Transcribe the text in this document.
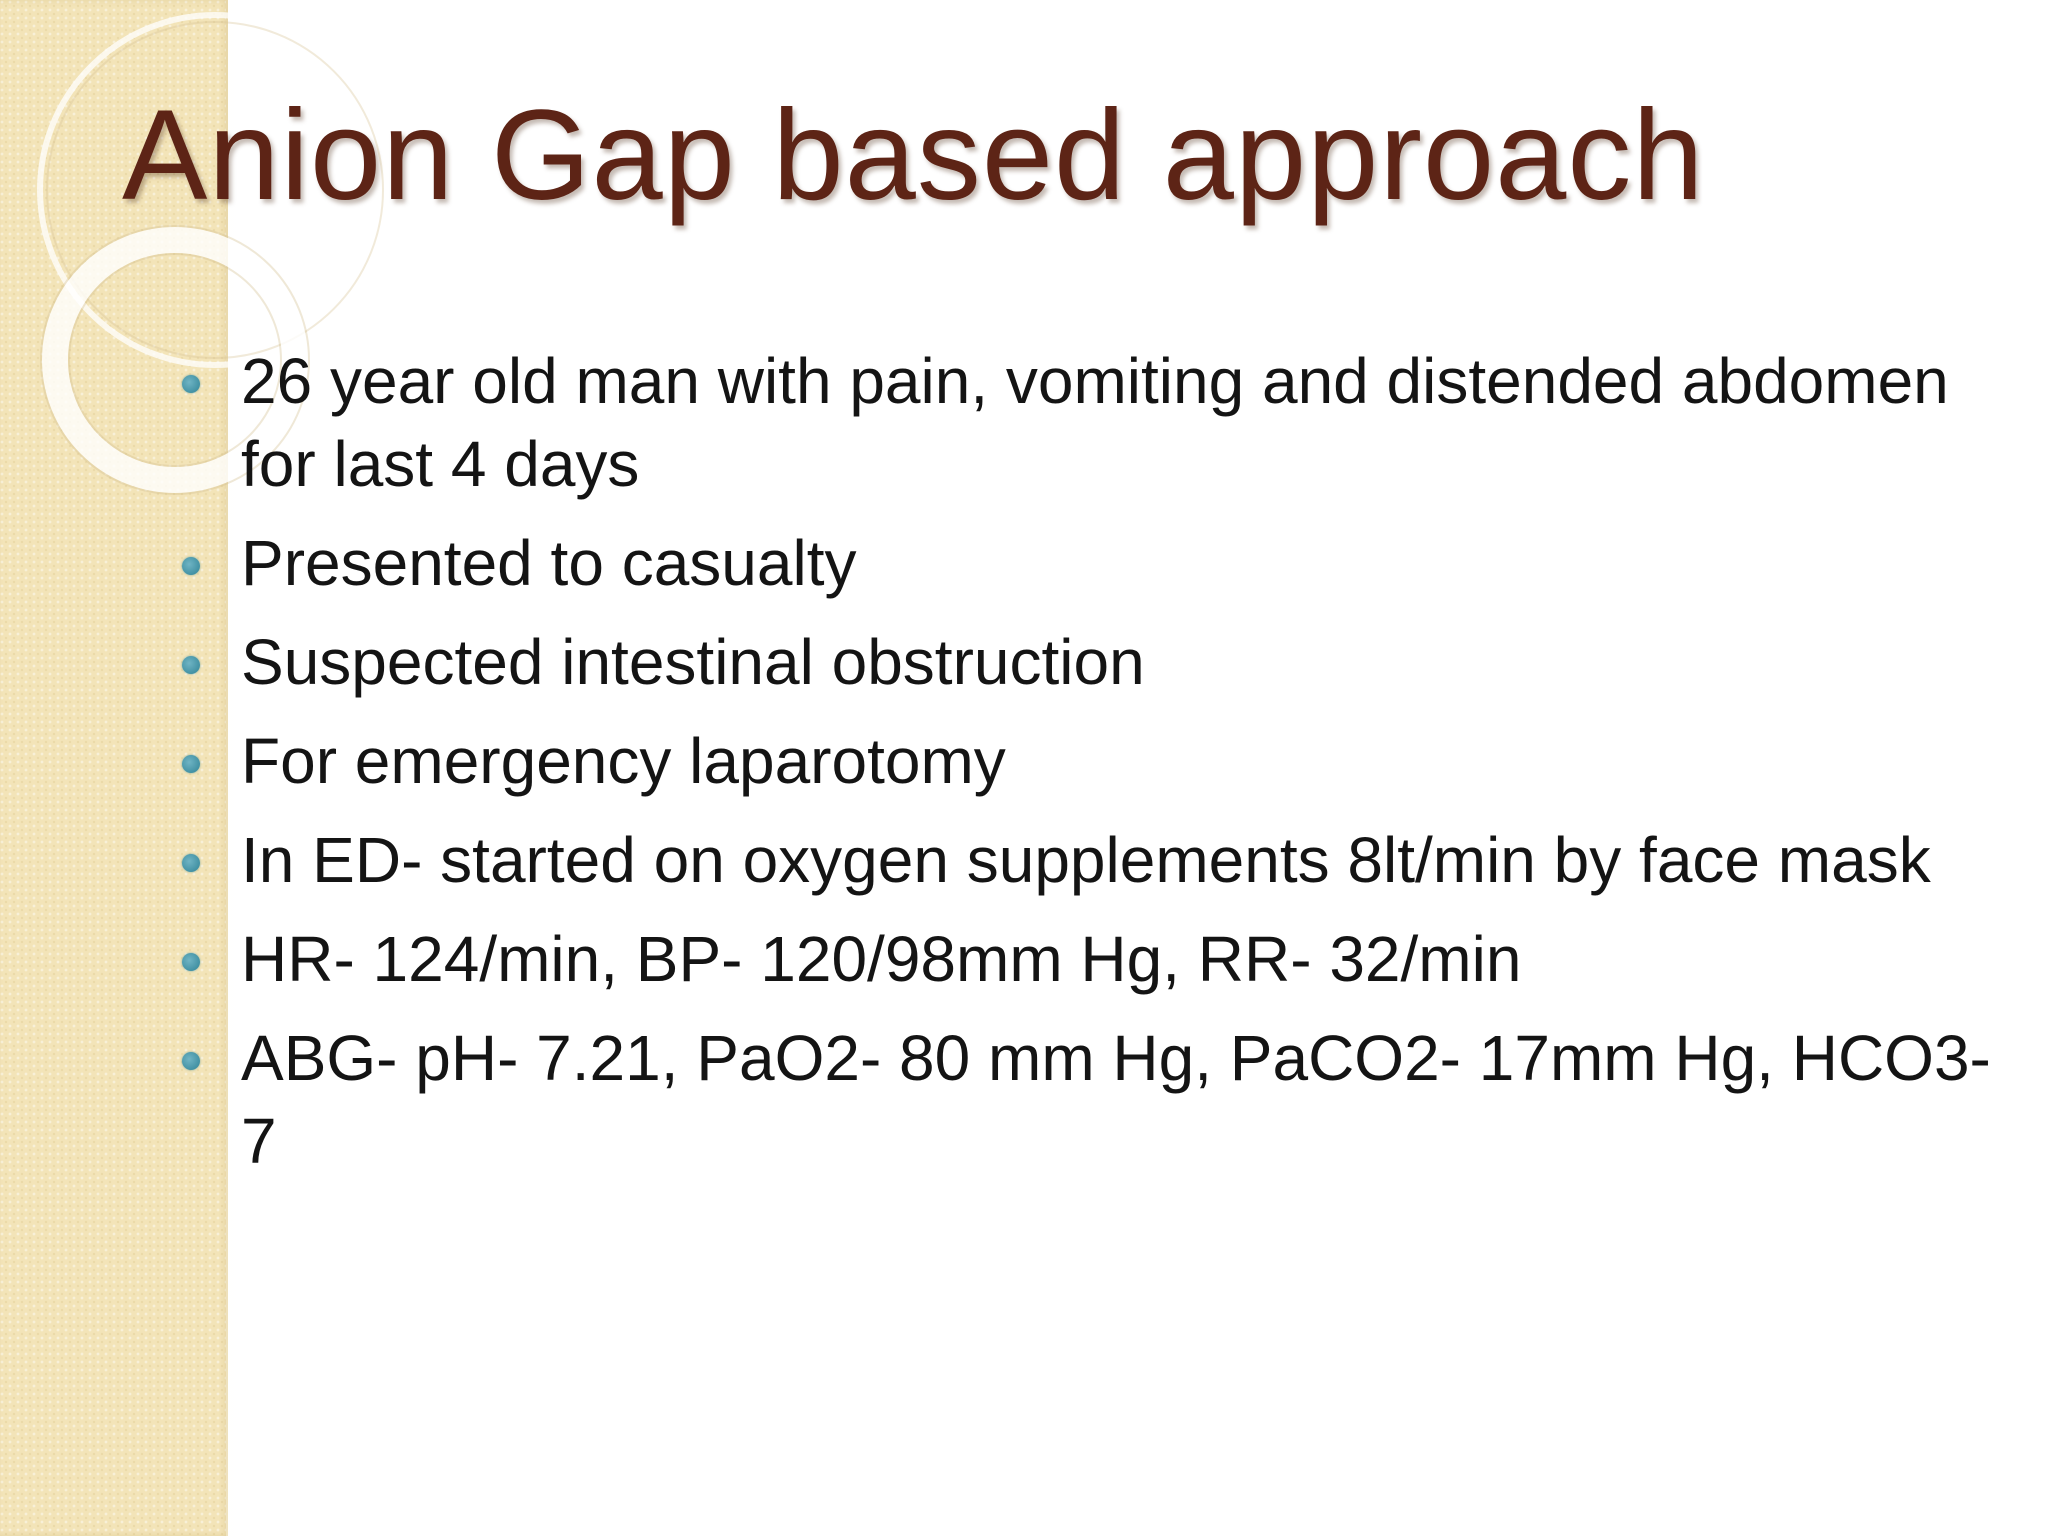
Anion Gap based approach
26 year old man with pain, vomiting and distended abdomen for last 4 days
Presented to casualty
Suspected intestinal obstruction
For emergency laparotomy
In ED- started on oxygen supplements 8lt/min by face mask
HR- 124/min, BP- 120/98mm Hg, RR- 32/min
ABG- pH- 7.21, PaO2- 80 mm Hg, PaCO2- 17mm Hg, HCO3- 7
